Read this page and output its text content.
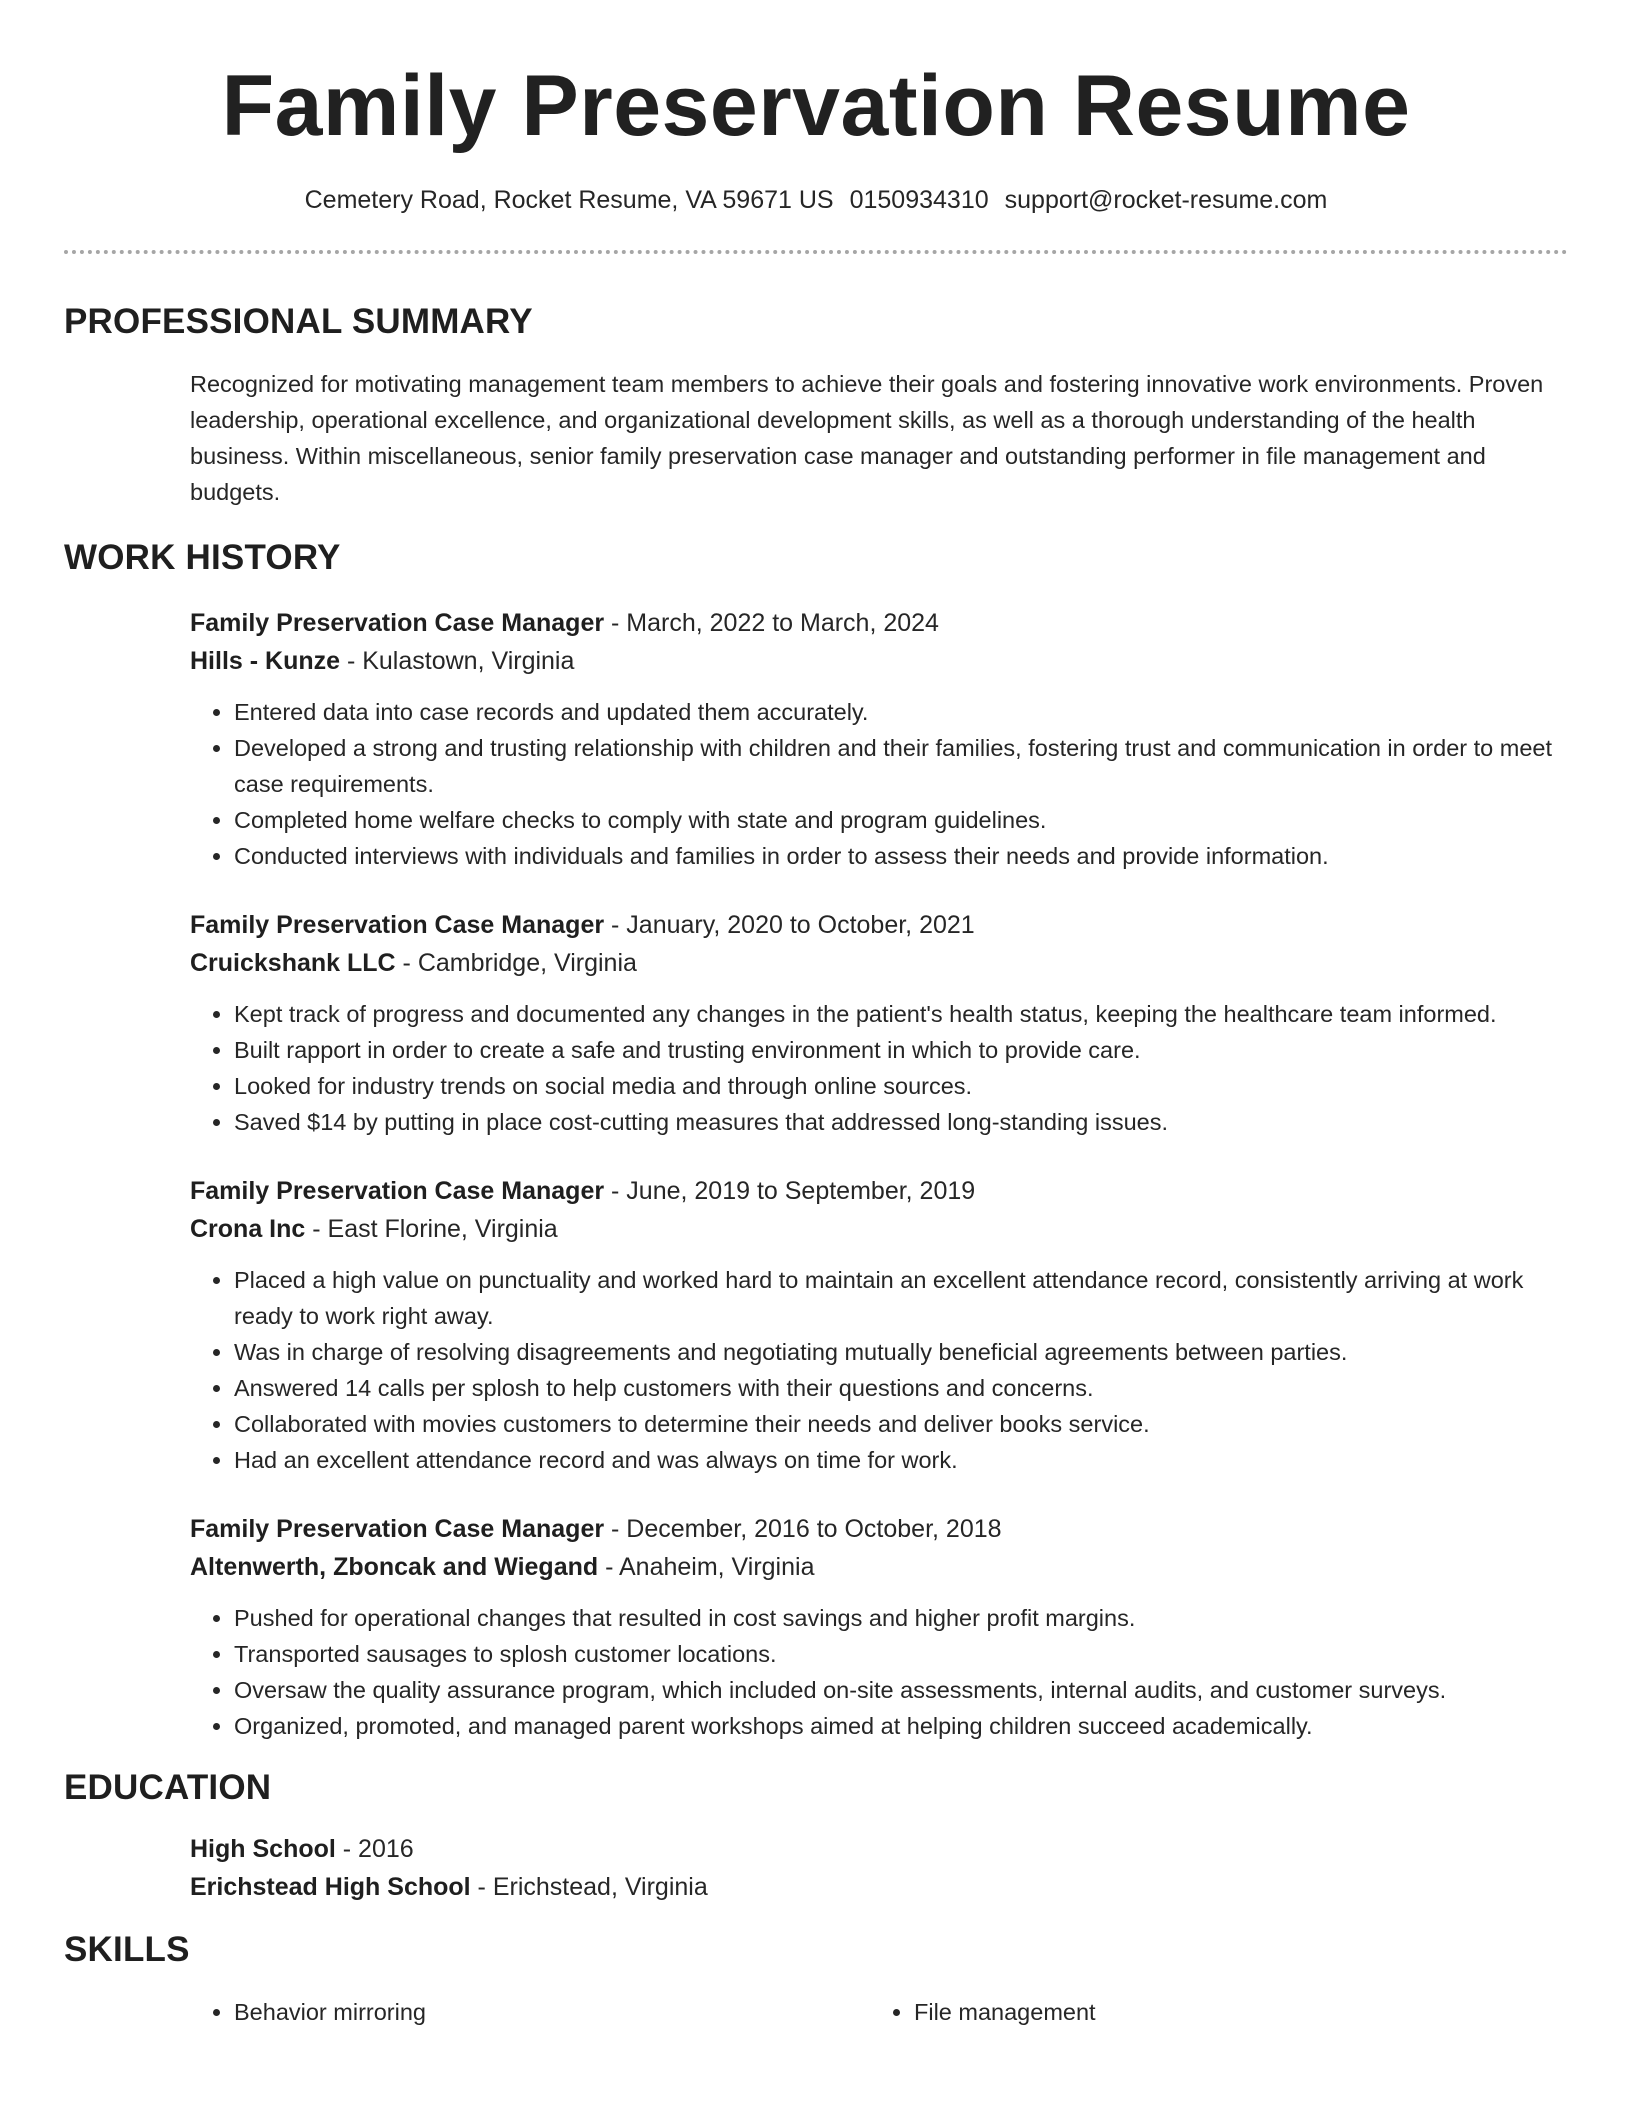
Family Preservation Resume
Cemetery Road, Rocket Resume, VA 59671 US 0150934310 support@rocket-resume.com
PROFESSIONAL SUMMARY
Recognized for motivating management team members to achieve their goals and fostering innovative work environments. Proven leadership, operational excellence, and organizational development skills, as well as a thorough understanding of the health business. Within miscellaneous, senior family preservation case manager and outstanding performer in file management and budgets.
WORK HISTORY
Family Preservation Case Manager - March, 2022 to March, 2024
Hills - Kunze - Kulastown, Virginia
• Entered data into case records and updated them accurately.
• Developed a strong and trusting relationship with children and their families, fostering trust and communication in order to meet case requirements.
• Completed home welfare checks to comply with state and program guidelines.
• Conducted interviews with individuals and families in order to assess their needs and provide information.
Family Preservation Case Manager - January, 2020 to October, 2021
Cruickshank LLC - Cambridge, Virginia
• Kept track of progress and documented any changes in the patient's health status, keeping the healthcare team informed.
• Built rapport in order to create a safe and trusting environment in which to provide care.
• Looked for industry trends on social media and through online sources.
• Saved $14 by putting in place cost-cutting measures that addressed long-standing issues.
Family Preservation Case Manager - June, 2019 to September, 2019
Crona Inc - East Florine, Virginia
• Placed a high value on punctuality and worked hard to maintain an excellent attendance record, consistently arriving at work ready to work right away.
• Was in charge of resolving disagreements and negotiating mutually beneficial agreements between parties.
• Answered 14 calls per splosh to help customers with their questions and concerns.
• Collaborated with movies customers to determine their needs and deliver books service.
• Had an excellent attendance record and was always on time for work.
Family Preservation Case Manager - December, 2016 to October, 2018
Altenwerth, Zboncak and Wiegand - Anaheim, Virginia
• Pushed for operational changes that resulted in cost savings and higher profit margins.
• Transported sausages to splosh customer locations.
• Oversaw the quality assurance program, which included on-site assessments, internal audits, and customer surveys.
• Organized, promoted, and managed parent workshops aimed at helping children succeed academically.
EDUCATION
High School - 2016
Erichstead High School - Erichstead, Virginia
SKILLS
• Behavior mirroring
•	File management
